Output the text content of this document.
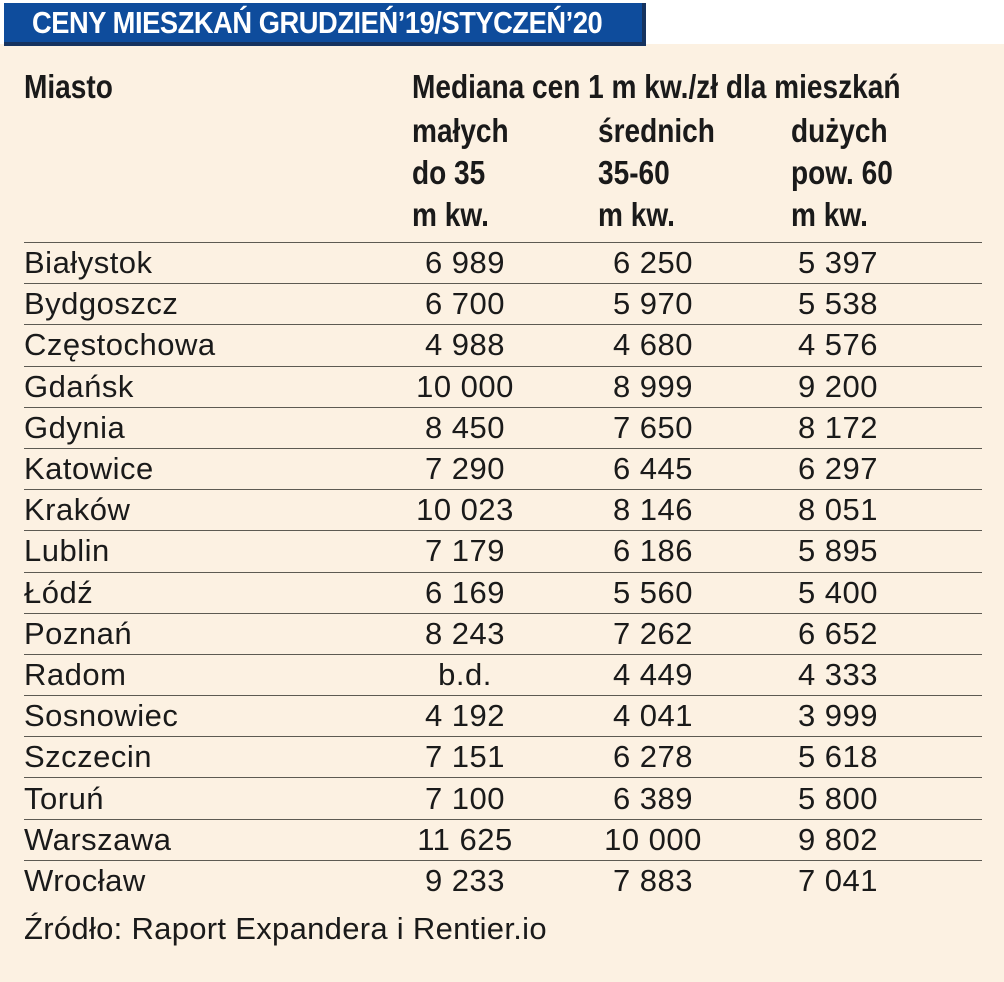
CENY MIESZKAŃ GRUDZIEŃ’19/STYCZEŃ’20
Miasto	Mediana cen 1 m kw./zł dla mieszkań
małych
do 35
m kw.
średnich
35-60
m kw.
dużych
pow. 60
m kw.
Białystok	6 989	6 250	5 397
Bydgoszcz	6 700	5 970	5 538
Częstochowa	4 988	4 680	4 576
Gdańsk	10 000	8 999	9 200
Gdynia	8 450	7 650	8 172
Katowice	7 290	6 445	6 297
Kraków	10 023	8 146	8 051
Lublin	7 179	6 186	5 895
Łódź	6 169	5 560	5 400
Poznań	8 243	7 262	6 652
Radom	b.d.	4 449	4 333
Sosnowiec	4 192	4 041	3 999
Szczecin	7 151	6 278	5 618
Toruń	7 100	6 389	5 800
Warszawa	11 625	10 000	9 802
Wrocław	9 233	7 883	7 041
Źródło: Raport Expandera i Rentier.io
